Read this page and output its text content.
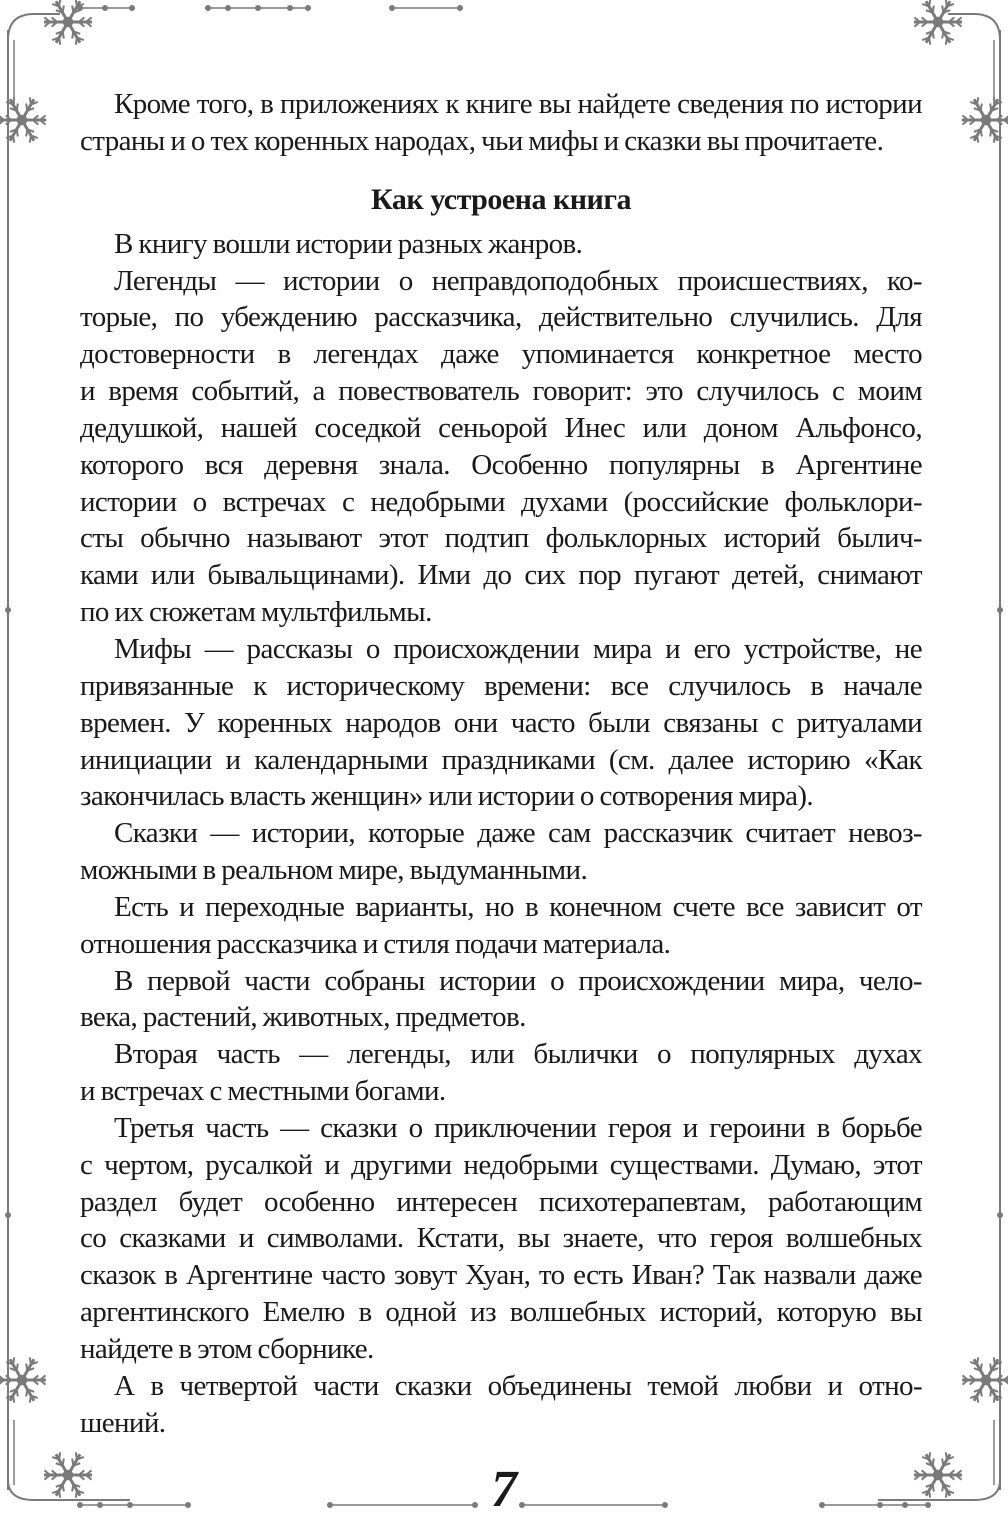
Кроме того, в приложениях к книге вы найдете сведения по истории
страны и о тех коренных народах, чьи мифы и сказки вы прочитаете.
Как устроена книга
В книгу вошли истории разных жанров.
Легенды — истории о неправдоподобных происшествиях, ко-
торые, по убеждению рассказчика, действительно случились. Для
достоверности в легендах даже упоминается конкретное место
и время событий, а повествователь говорит: это случилось с моим
дедушкой, нашей соседкой сеньорой Инес или доном Альфонсо,
которого вся деревня знала. Особенно популярны в Аргентине
истории о встречах с недобрыми духами (российские фольклори-
сты обычно называют этот подтип фольклорных историй былич-
ками или бывальщинами). Ими до сих пор пугают детей, снимают
по их сюжетам мультфильмы.
Мифы — рассказы о происхождении мира и его устройстве, не
привязанные к историческому времени: все случилось в начале
времен. У коренных народов они часто были связаны с ритуалами
инициации и календарными праздниками (см. далее историю «Как
закончилась власть женщин» или истории о сотворения мира).
Сказки — истории, которые даже сам рассказчик считает невоз-
можными в реальном мире, выдуманными.
Есть и переходные варианты, но в конечном счете все зависит от
отношения рассказчика и стиля подачи материала.
В первой части собраны истории о происхождении мира, чело-
века, растений, животных, предметов.
Вторая часть — легенды, или былички о популярных духах
и встречах с местными богами.
Третья часть — сказки о приключении героя и героини в борьбе
с чертом, русалкой и другими недобрыми существами. Думаю, этот
раздел будет особенно интересен психотерапевтам, работающим
со сказками и символами. Кстати, вы знаете, что героя волшебных
сказок в Аргентине часто зовут Хуан, то есть Иван? Так назвали даже
аргентинского Емелю в одной из волшебных историй, которую вы
найдете в этом сборнике.
А в четвертой части сказки объединены темой любви и отно-
шений.
7
